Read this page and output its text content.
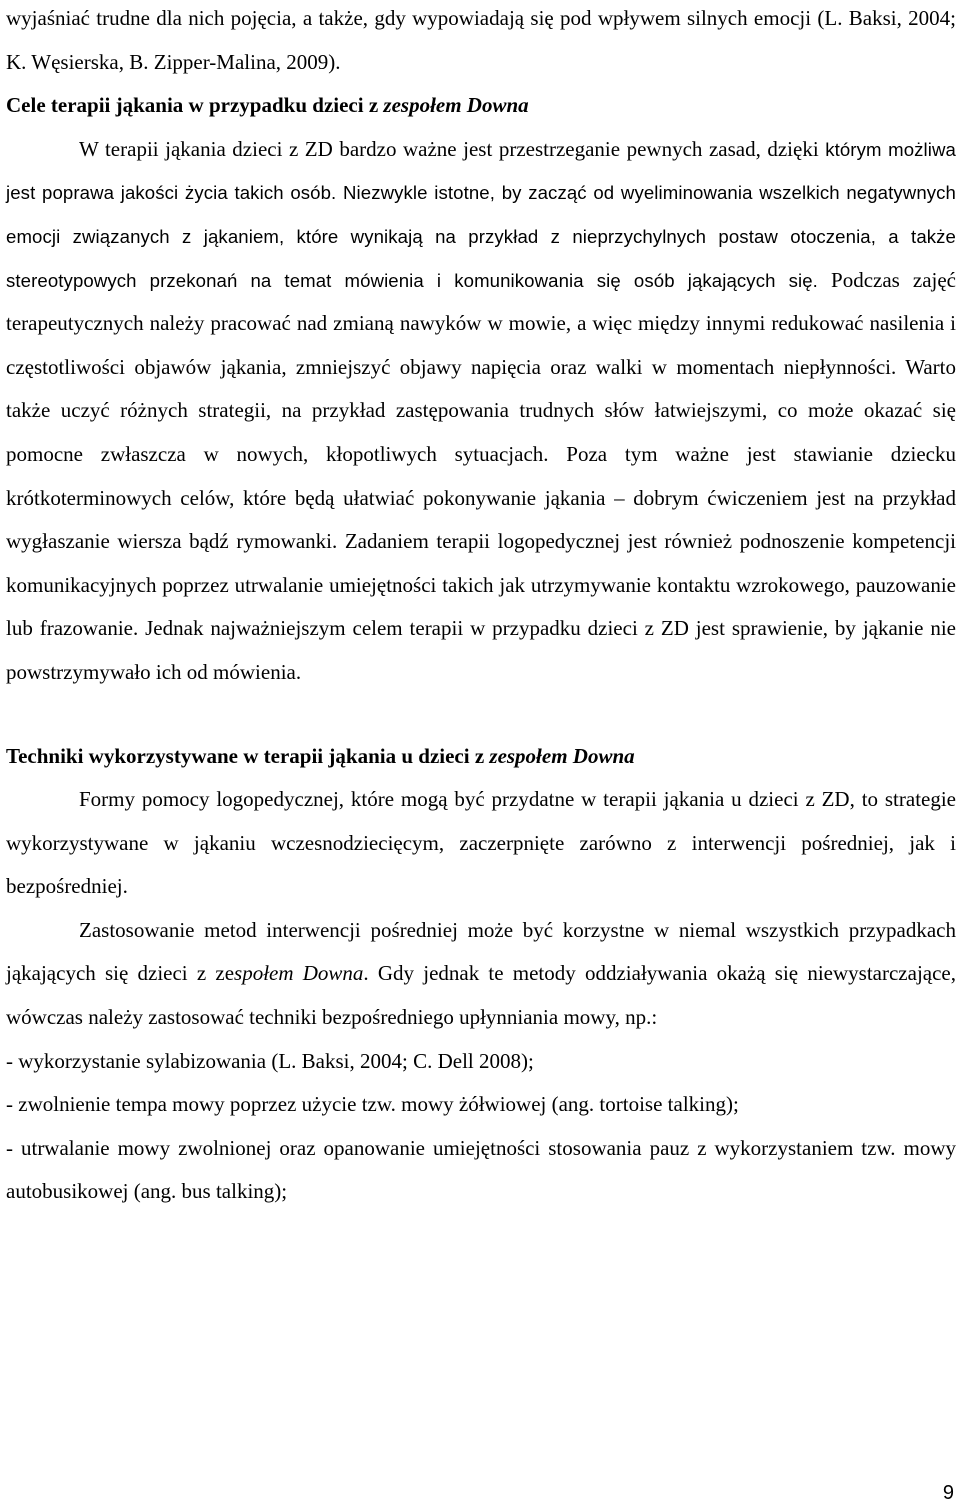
wyjaśniać trudne dla nich pojęcia, a także, gdy wypowiadają się pod wpływem silnych emocji (L. Baksi, 2004; K. Węsierska, B. Zipper-Malina, 2009).

Cele terapii jąkania w przypadku dzieci z zespołem Downa

W terapii jąkania dzieci z ZD bardzo ważne jest przestrzeganie pewnych zasad, dzięki którym możliwa jest poprawa jakości życia takich osób. Niezwykle istotne, by zacząć od wyeliminowania wszelkich negatywnych emocji związanych z jąkaniem, które wynikają na przykład z nieprzychylnych postaw otoczenia, a także stereotypowych przekonań na temat mówienia i komunikowania się osób jąkających się. Podczas zajęć terapeutycznych należy pracować nad zmianą nawyków w mowie, a więc między innymi redukować nasilenia i częstotliwości objawów jąkania, zmniejszyć objawy napięcia oraz walki w momentach niepłynności. Warto także uczyć różnych strategii, na przykład zastępowania trudnych słów łatwiejszymi, co może okazać się pomocne zwłaszcza w nowych, kłopotliwych sytuacjach. Poza tym ważne jest stawianie dziecku krótkoterminowych celów, które będą ułatwiać pokonywanie jąkania – dobrym ćwiczeniem jest na przykład wygłaszanie wiersza bądź rymowanki. Zadaniem terapii logopedycznej jest również podnoszenie kompetencji komunikacyjnych poprzez utrwalanie umiejętności takich jak utrzymywanie kontaktu wzrokowego, pauzowanie lub frazowanie. Jednak najważniejszym celem terapii w przypadku dzieci z ZD jest sprawienie, by jąkanie nie powstrzymywało ich od mówienia.

Techniki wykorzystywane w terapii jąkania u dzieci z zespołem Downa

Formy pomocy logopedycznej, które mogą być przydatne w terapii jąkania u dzieci z ZD, to strategie wykorzystywane w jąkaniu wczesnodziecięcym, zaczerpnięte zarówno z interwencji pośredniej, jak i bezpośredniej.

Zastosowanie metod interwencji pośredniej może być korzystne w niemal wszystkich przypadkach jąkających się dzieci z zespołem Downa. Gdy jednak te metody oddziaływania okażą się niewystarczające, wówczas należy zastosować techniki bezpośredniego upłynniania mowy, np.:

- wykorzystanie sylabizowania (L. Baksi, 2004; C. Dell 2008);

- zwolnienie tempa mowy poprzez użycie tzw. mowy żółwiowej (ang. tortoise talking);

- utrwalanie mowy zwolnionej oraz opanowanie umiejętności stosowania pauz z wykorzystaniem tzw. mowy autobusikowej (ang. bus talking);

9
